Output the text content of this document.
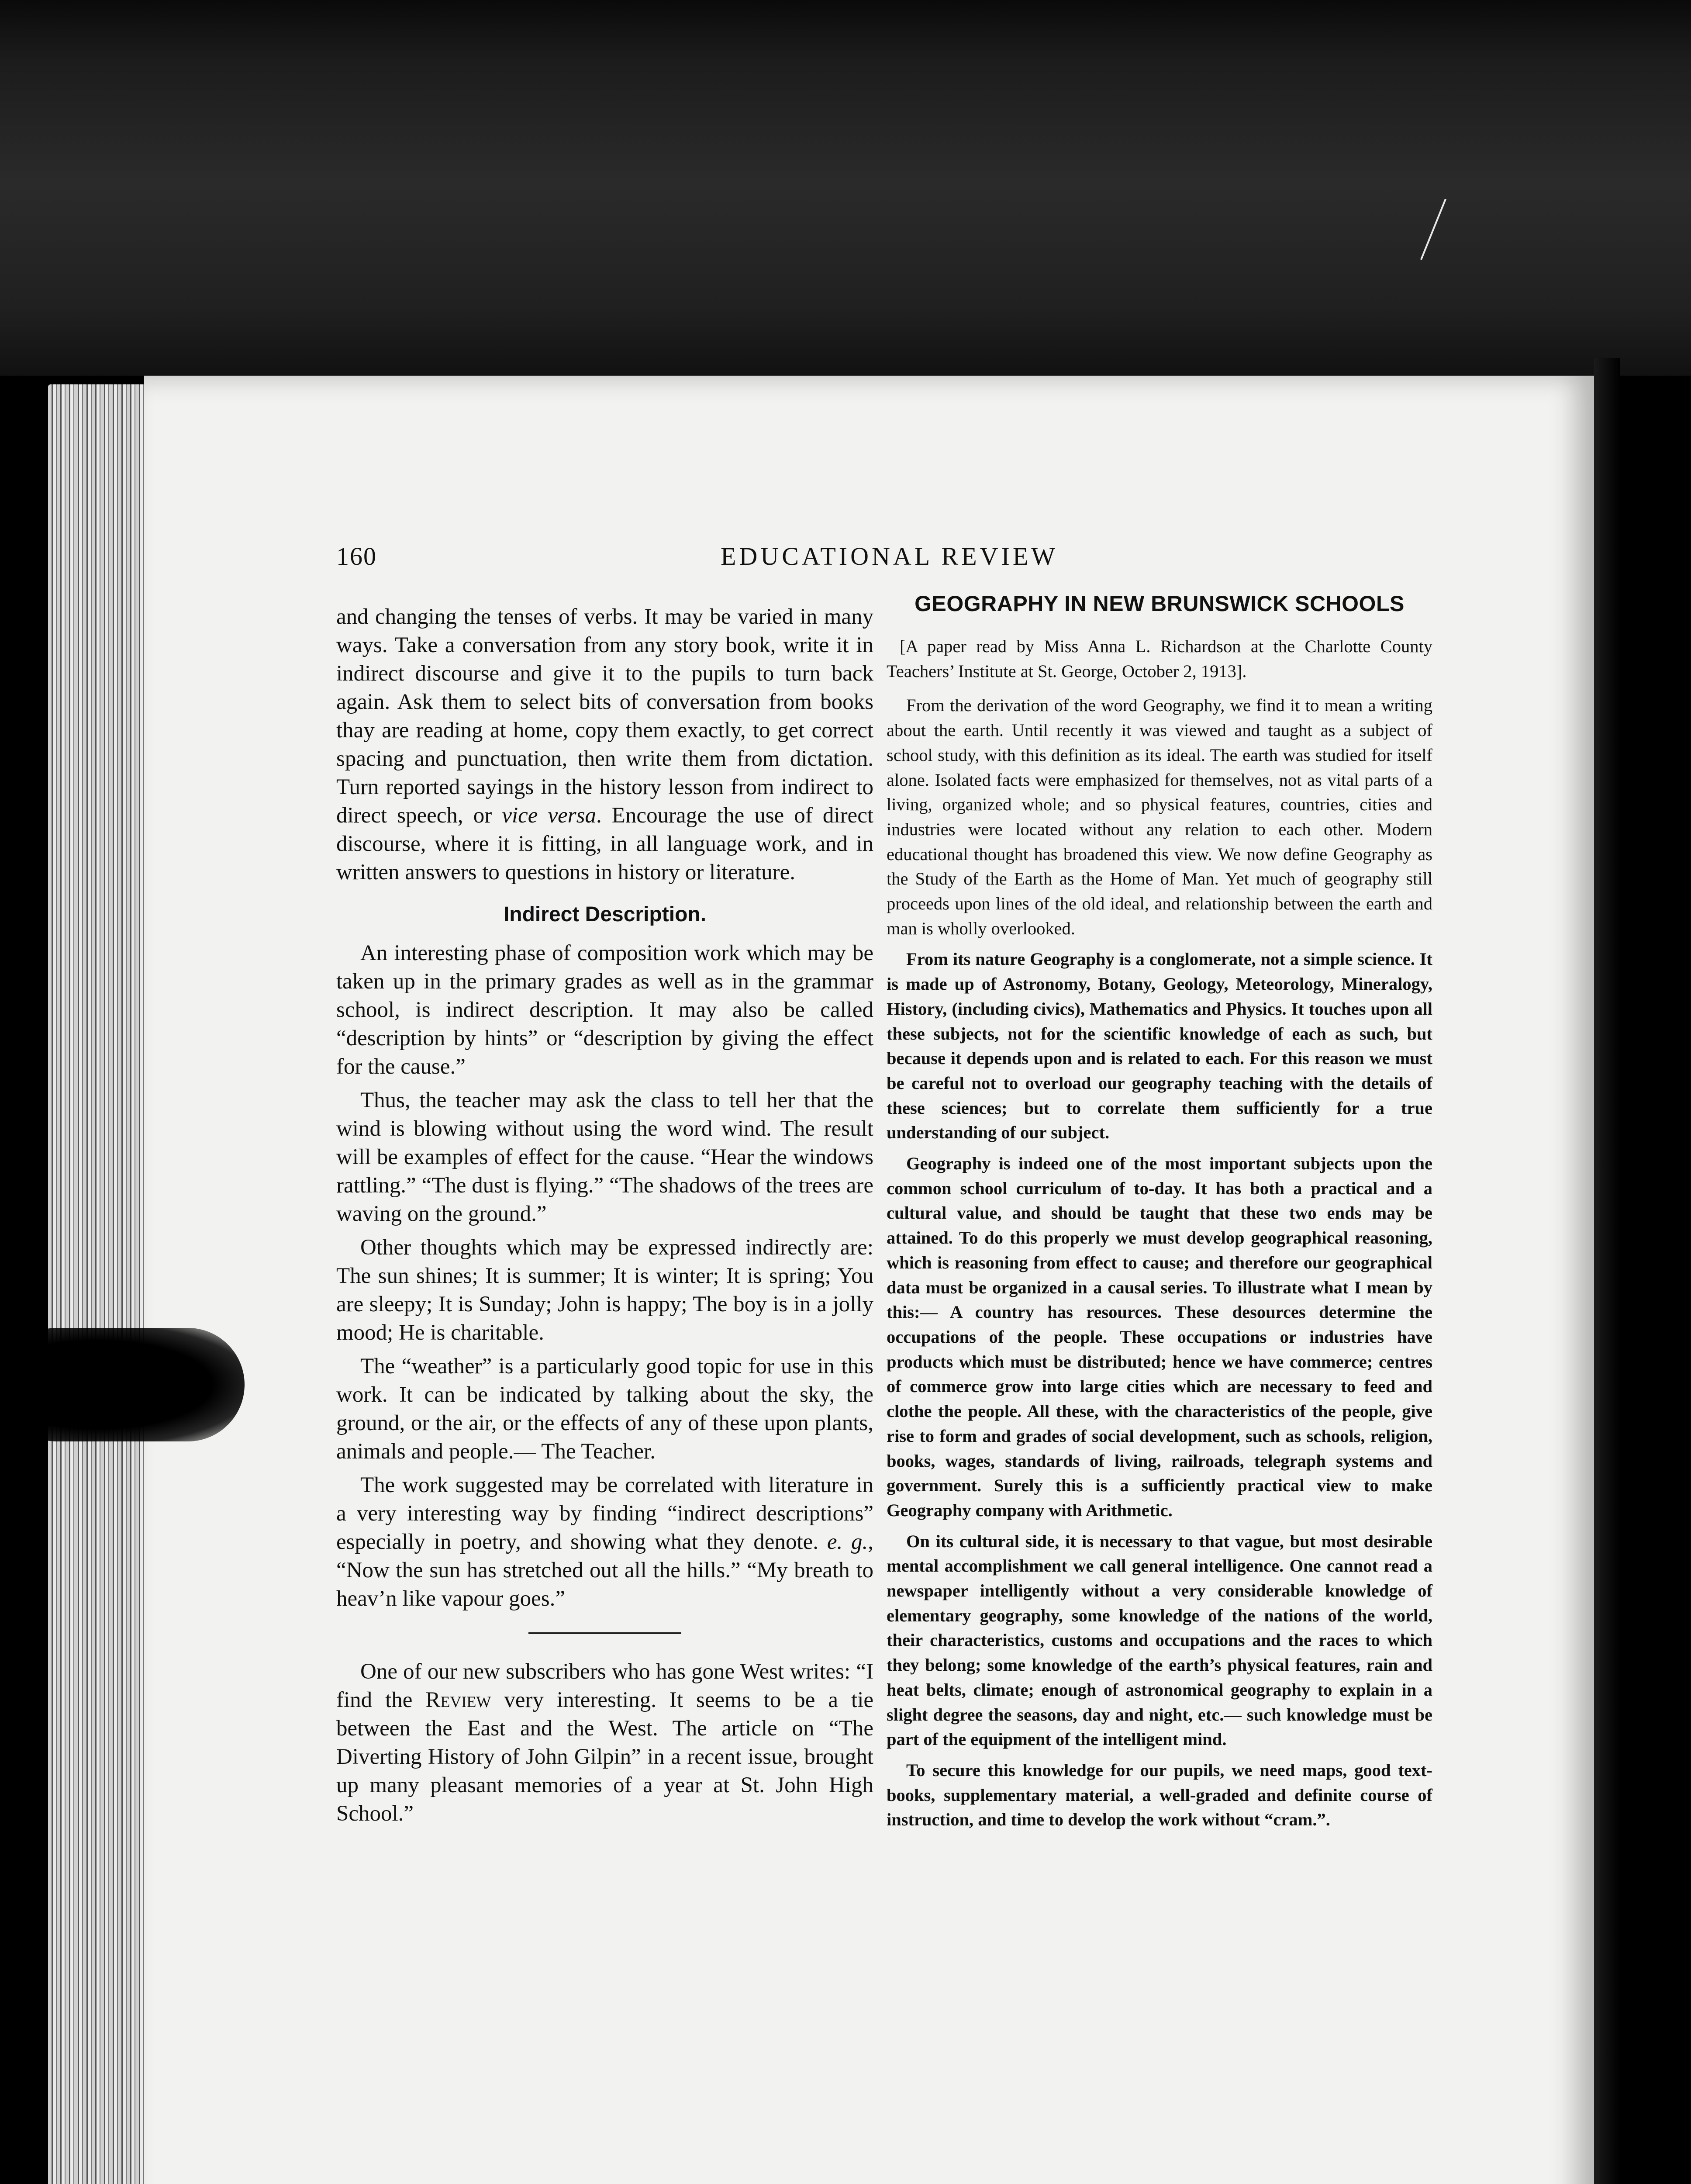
160	EDUCATIONAL REVIEW

and changing the tenses of verbs. It may be varied in many ways. Take a conversation from any story book, write it in indirect discourse and give it to the pupils to turn back again. Ask them to select bits of conversation from books thay are reading at home, copy them exactly, to get correct spacing and punctuation, then write them from dictation. Turn reported sayings in the history lesson from indirect to direct speech, or vice versa. Encourage the use of direct discourse, where it is fitting, in all language work, and in written answers to questions in history or literature.

Indirect Description.

An interesting phase of composition work which may be taken up in the primary grades as well as in the grammar school, is indirect description. It may also be called “description by hints” or “description by giving the effect for the cause.”

Thus, the teacher may ask the class to tell her that the wind is blowing without using the word wind. The result will be examples of effect for the cause. “Hear the windows rattling.” “The dust is flying.” “The shadows of the trees are waving on the ground.”

Other thoughts which may be expressed indirectly are: The sun shines; It is summer; It is winter; It is spring; You are sleepy; It is Sunday; John is happy; The boy is in a jolly mood; He is charitable.

The “weather” is a particularly good topic for use in this work. It can be indicated by talking about the sky, the ground, or the air, or the effects of any of these upon plants, animals and people.— The Teacher.

The work suggested may be correlated with literature in a very interesting way by finding “indirect descriptions” especially in poetry, and showing what they denote. e. g., “Now the sun has stretched out all the hills.” “My breath to heav’n like vapour goes.”

One of our new subscribers who has gone West writes: “I find the Review very interesting. It seems to be a tie between the East and the West. The article on “The Diverting History of John Gilpin” in a recent issue, brought up many pleasant memories of a year at St. John High School.”

GEOGRAPHY IN NEW BRUNSWICK SCHOOLS

[A paper read by Miss Anna L. Richardson at the Charlotte County Teachers’ Institute at St. George, October 2, 1913].

From the derivation of the word Geography, we find it to mean a writing about the earth. Until recently it was viewed and taught as a subject of school study, with this definition as its ideal. The earth was studied for itself alone. Isolated facts were emphasized for themselves, not as vital parts of a living, organized whole; and so physical features, countries, cities and industries were located without any relation to each other. Modern educational thought has broadened this view. We now define Geography as the Study of the Earth as the Home of Man. Yet much of geography still proceeds upon lines of the old ideal, and relationship between the earth and man is wholly overlooked.

From its nature Geography is a conglomerate, not a simple science. It is made up of Astronomy, Botany, Geology, Meteorology, Mineralogy, History, (including civics), Mathematics and Physics. It touches upon all these subjects, not for the scientific knowledge of each as such, but because it depends upon and is related to each. For this reason we must be careful not to overload our geography teaching with the details of these sciences; but to correlate them sufficiently for a true understanding of our subject.

Geography is indeed one of the most important subjects upon the common school curriculum of to-day. It has both a practical and a cultural value, and should be taught that these two ends may be attained. To do this properly we must develop geographical reasoning, which is reasoning from effect to cause; and therefore our geographical data must be organized in a causal series. To illustrate what I mean by this:— A country has resources. These desources determine the occupations of the people. These occupations or industries have products which must be distributed; hence we have commerce; centres of commerce grow into large cities which are necessary to feed and clothe the people. All these, with the characteristics of the people, give rise to form and grades of social development, such as schools, religion, books, wages, standards of living, railroads, telegraph systems and government. Surely this is a sufficiently practical view to make Geography company with Arithmetic.

On its cultural side, it is necessary to that vague, but most desirable mental accomplishment we call general intelligence. One cannot read a newspaper intelligently without a very considerable knowledge of elementary geography, some knowledge of the nations of the world, their characteristics, customs and occupations and the races to which they belong; some knowledge of the earth’s physical features, rain and heat belts, climate; enough of astronomical geography to explain in a slight degree the seasons, day and night, etc.— such knowledge must be part of the equipment of the intelligent mind.

To secure this knowledge for our pupils, we need maps, good text-books, supplementary material, a well-graded and definite course of instruction, and time to develop the work without “cram.”.
